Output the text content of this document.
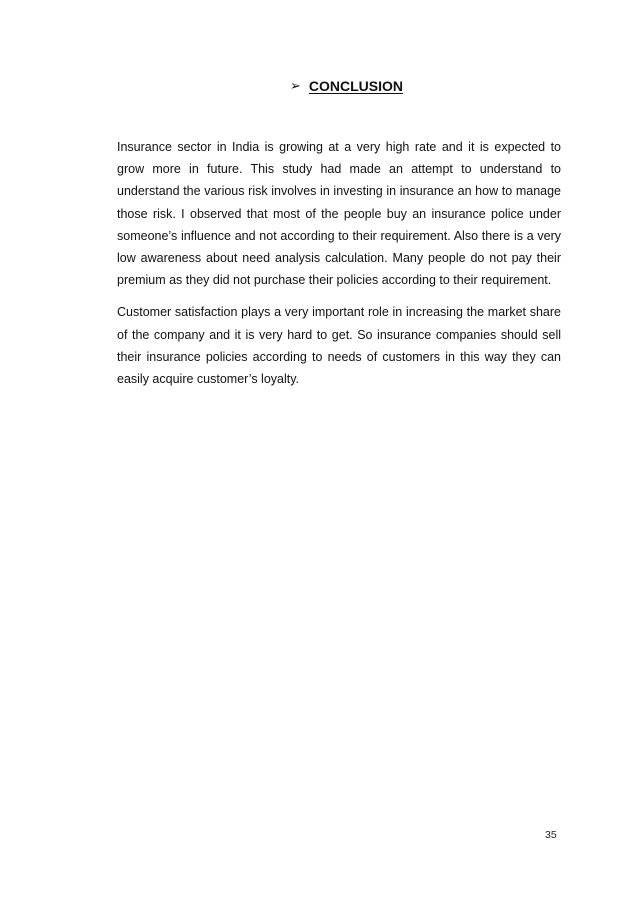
➢ CONCLUSION

Insurance sector in India is growing at a very high rate and it is expected to grow more in future. This study had made an attempt to understand to understand the various risk involves in investing in insurance an how to manage those risk. I observed that most of the people buy an insurance police under someone’s influence and not according to their requirement. Also there is a very low awareness about need analysis calculation. Many people do not pay their premium as they did not purchase their policies according to their requirement.

Customer satisfaction plays a very important role in increasing the market share of the company and it is very hard to get. So insurance companies should sell their insurance policies according to needs of customers in this way they can easily acquire customer’s loyalty.

35
